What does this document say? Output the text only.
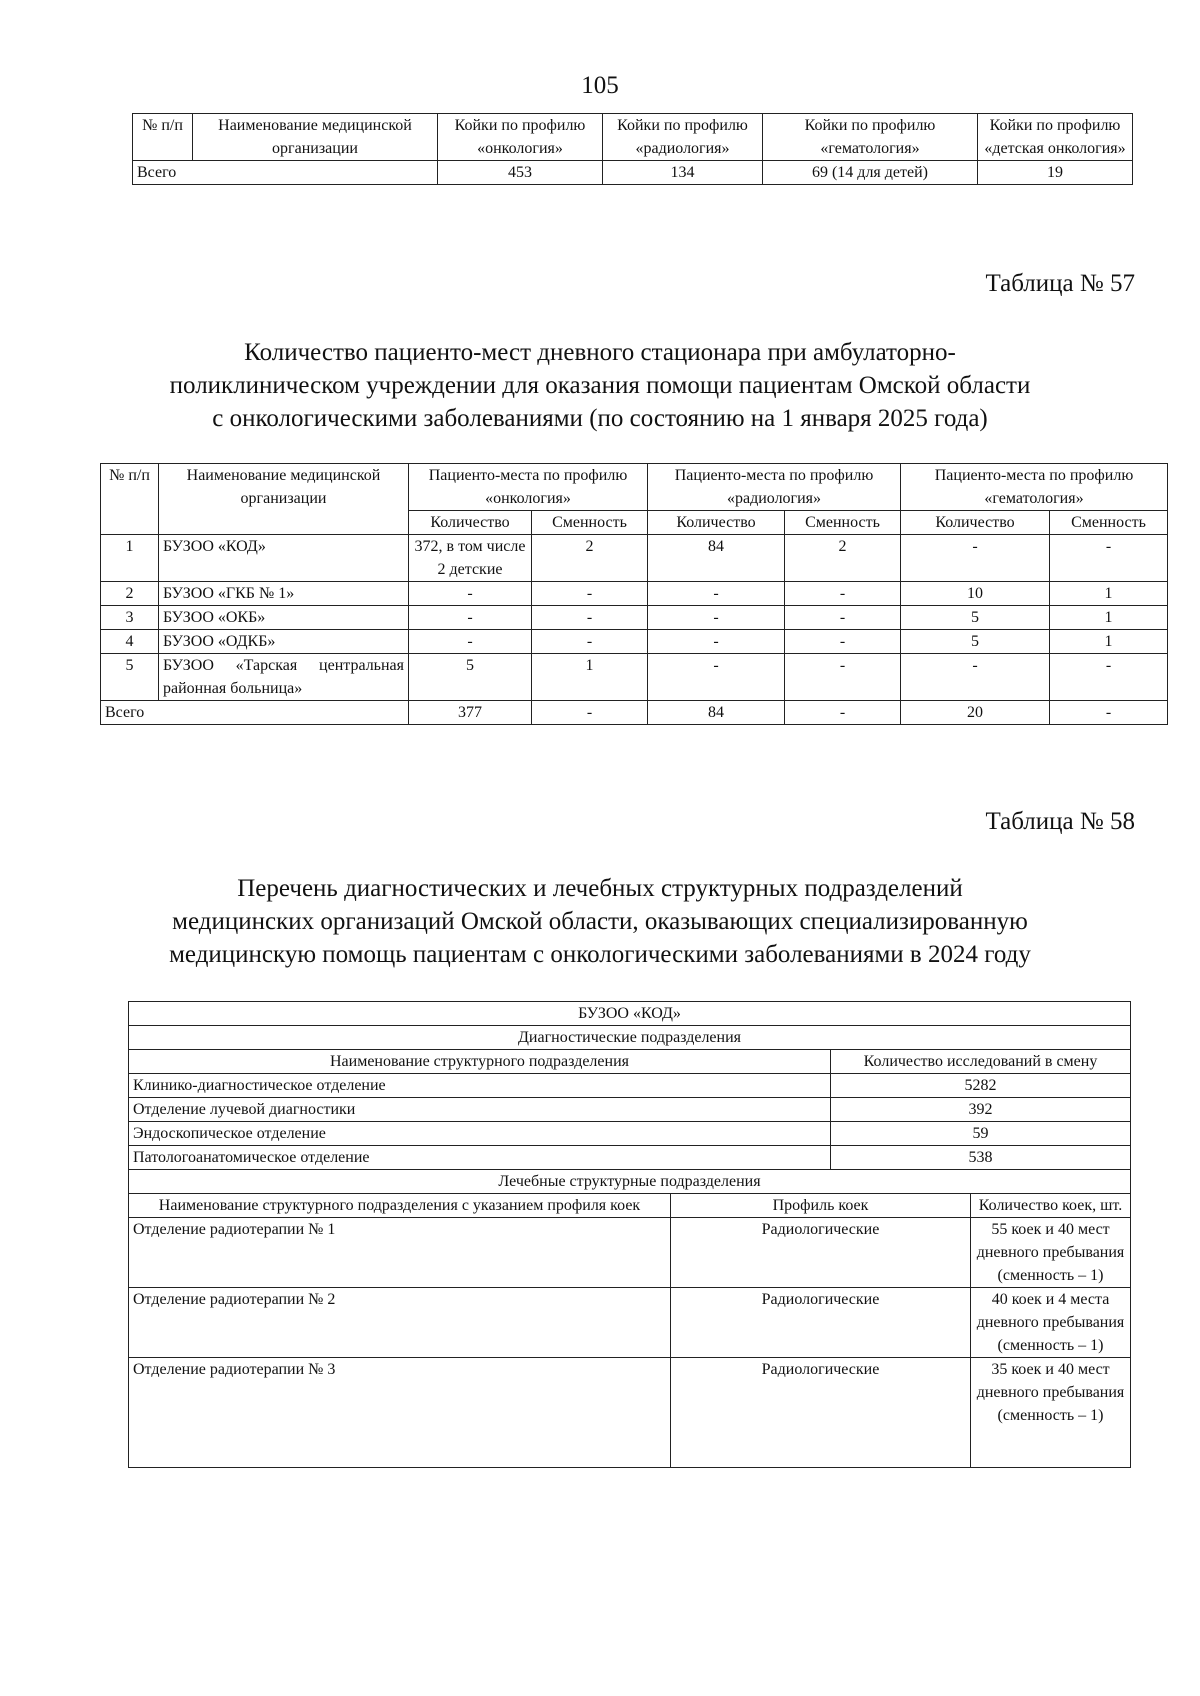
105
№ п/п	Наименование медицинской организации	Койки по профилю «онкология»	Койки по профилю «радиология»	Койки по профилю «гематология»	Койки по профилю «детская онкология»
Всего		453	134	69 (14 для детей)	19
Таблица № 57
Количество пациенто-мест дневного стационара при амбулаторно-
поликлиническом учреждении для оказания помощи пациентам Омской области
с онкологическими заболеваниями (по состоянию на 1 января 2025 года)
№ п/п	Наименование медицинской организации	Пациенто-места по профилю «онкология»		Пациенто-места по профилю «радиология»		Пациенто-места по профилю «гематология»	
		Количество	Сменность	Количество	Сменность	Количество	Сменность
1	БУЗОО «КОД»	372, в том числе 2 детские	2	84	2	-	-
2	БУЗОО «ГКБ № 1»	-	-	-	-	10	1
3	БУЗОО «ОКБ»	-	-	-	-	5	1
4	БУЗОО «ОДКБ»	-	-	-	-	5	1
5	БУЗОО «Тарская центральная районная больница»	5	1	-	-	-	-
Всего		377	-	84	-	20	-
Таблица № 58
Перечень диагностических и лечебных структурных подразделений
медицинских организаций Омской области, оказывающих специализированную
медицинскую помощь пациентам с онкологическими заболеваниями в 2024 году
БУЗОО «КОД»			
Диагностические подразделения			
Наименование структурного подразделения		Количество исследований в смену	
Клинико-диагностическое отделение		5282	
Отделение лучевой диагностики		392	
Эндоскопическое отделение		59	
Патологоанатомическое отделение		538	
Лечебные структурные подразделения			
Наименование структурного подразделения с указанием профиля коек	Профиль коек		Количество коек, шт.
Отделение радиотерапии № 1	Радиологические		55 коек и 40 мест дневного пребывания (сменность – 1)
Отделение радиотерапии № 2	Радиологические		40 коек и 4 места дневного пребывания (сменность – 1)
Отделение радиотерапии № 3	Радиологические		35 коек и 40 мест дневного пребывания (сменность – 1)
